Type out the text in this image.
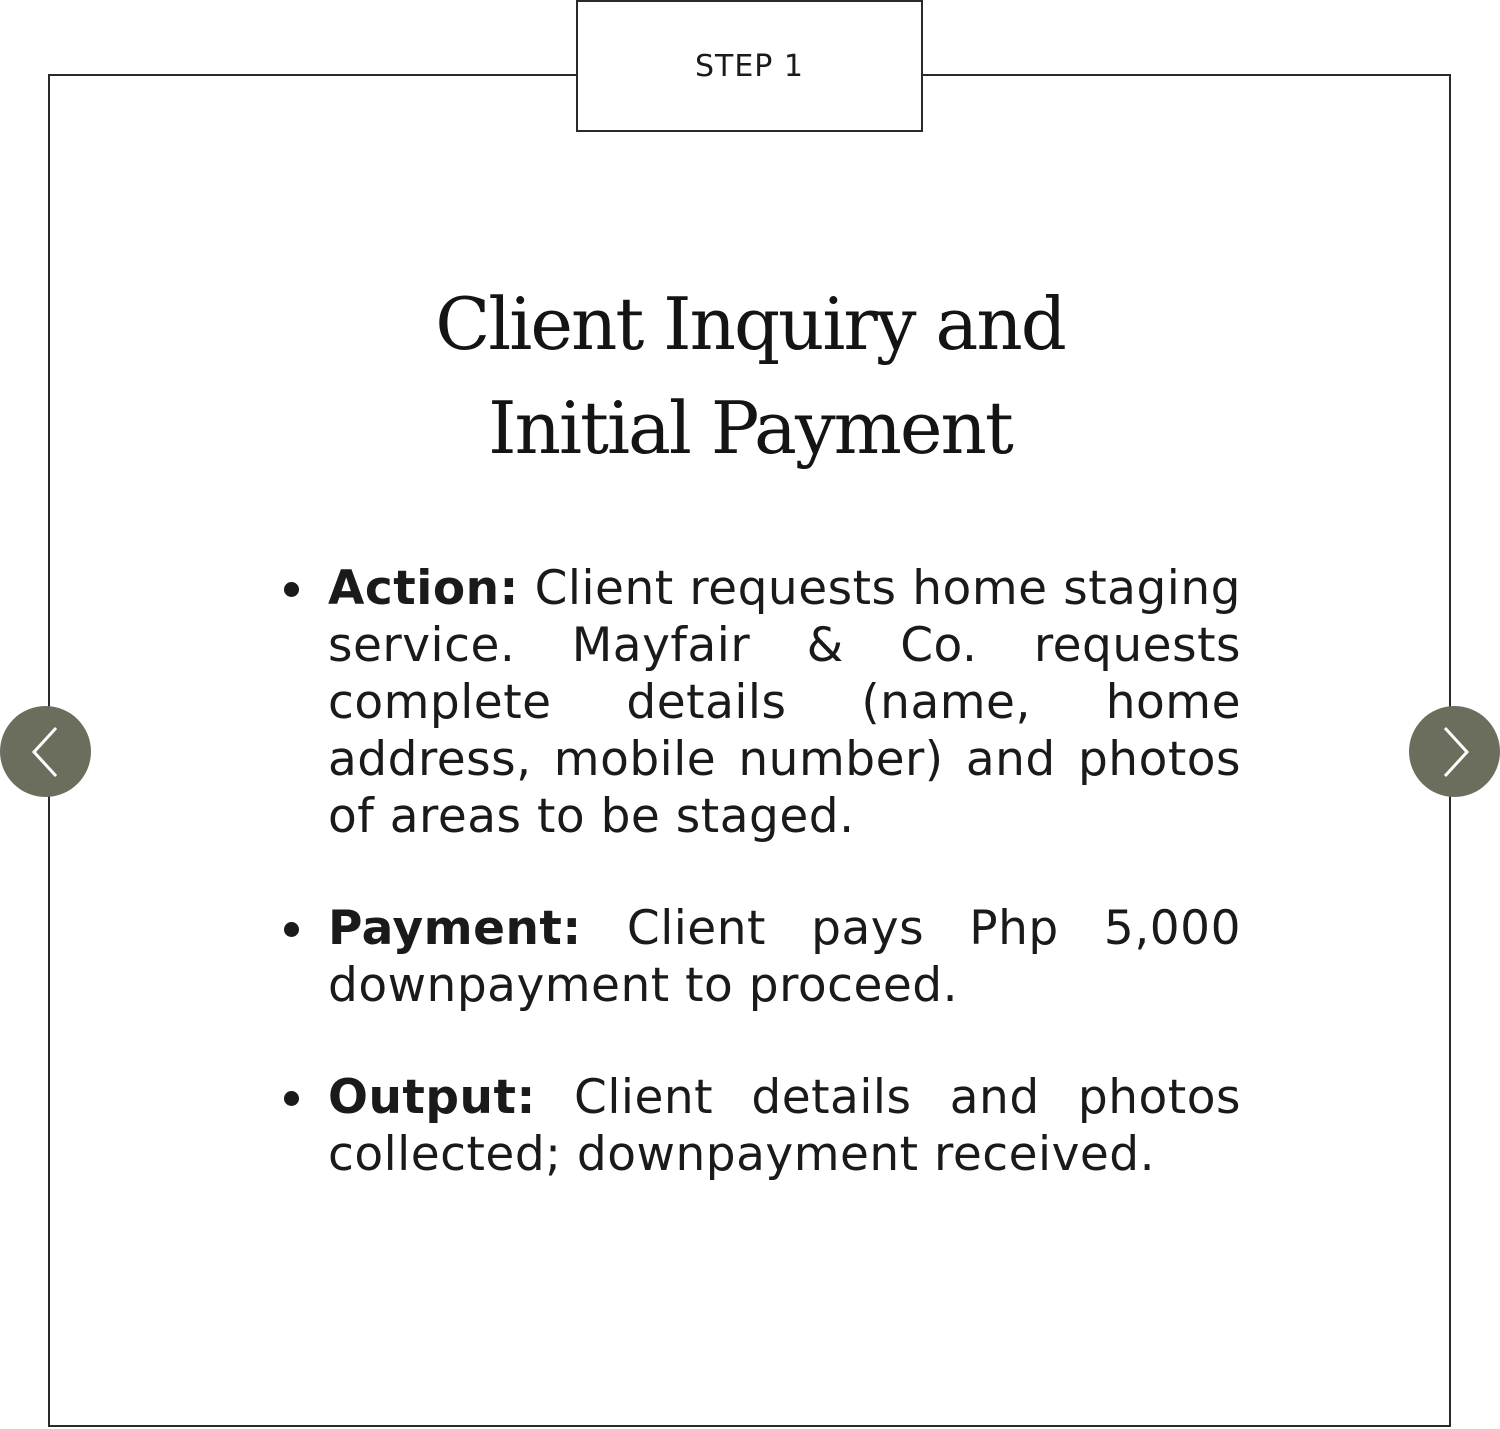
STEP 1
Client Inquiry and
Initial Payment
Action: Client requests home staging service. Mayfair & Co. requests complete details (name, home address, mobile number) and photos of areas to be staged.
Payment: Client pays Php 5,000 downpayment to proceed.
Output: Client details and photos collected; downpayment received.
